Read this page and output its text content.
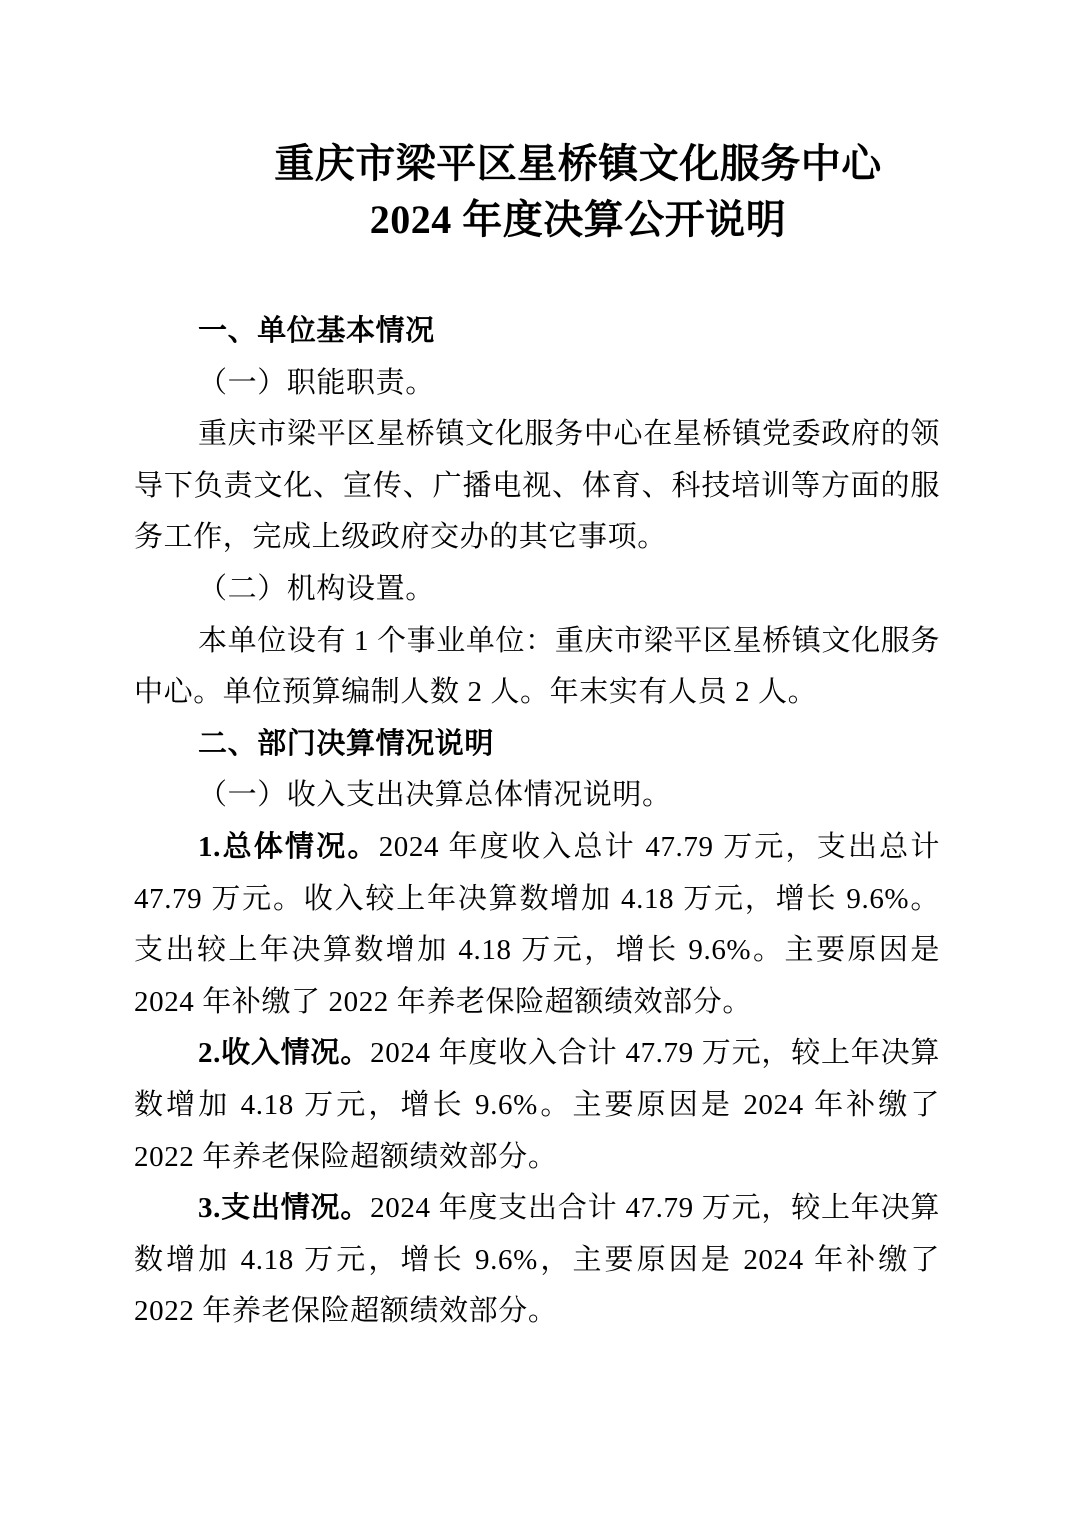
重庆市梁平区星桥镇文化服务中心
2024 年度决算公开说明

一、单位基本情况

（一）职能职责。

重庆市梁平区星桥镇文化服务中心在星桥镇党委政府的领导下负责文化、宣传、广播电视、体育、科技培训等方面的服务工作，完成上级政府交办的其它事项。

（二）机构设置。

本单位设有 1 个事业单位：重庆市梁平区星桥镇文化服务中心。单位预算编制人数 2 人。年末实有人员 2 人。

二、部门决算情况说明

（一）收入支出决算总体情况说明。

1.总体情况。2024 年度收入总计 47.79 万元，支出总计 47.79 万元。收入较上年决算数增加 4.18 万元，增长 9.6%。支出较上年决算数增加 4.18 万元，增长 9.6%。主要原因是 2024 年补缴了 2022 年养老保险超额绩效部分。

2.收入情况。2024 年度收入合计 47.79 万元，较上年决算数增加 4.18 万元，增长 9.6%。主要原因是 2024 年补缴了 2022 年养老保险超额绩效部分。

3.支出情况。2024 年度支出合计 47.79 万元，较上年决算数增加 4.18 万元，增长 9.6%，主要原因是 2024 年补缴了 2022 年养老保险超额绩效部分。
